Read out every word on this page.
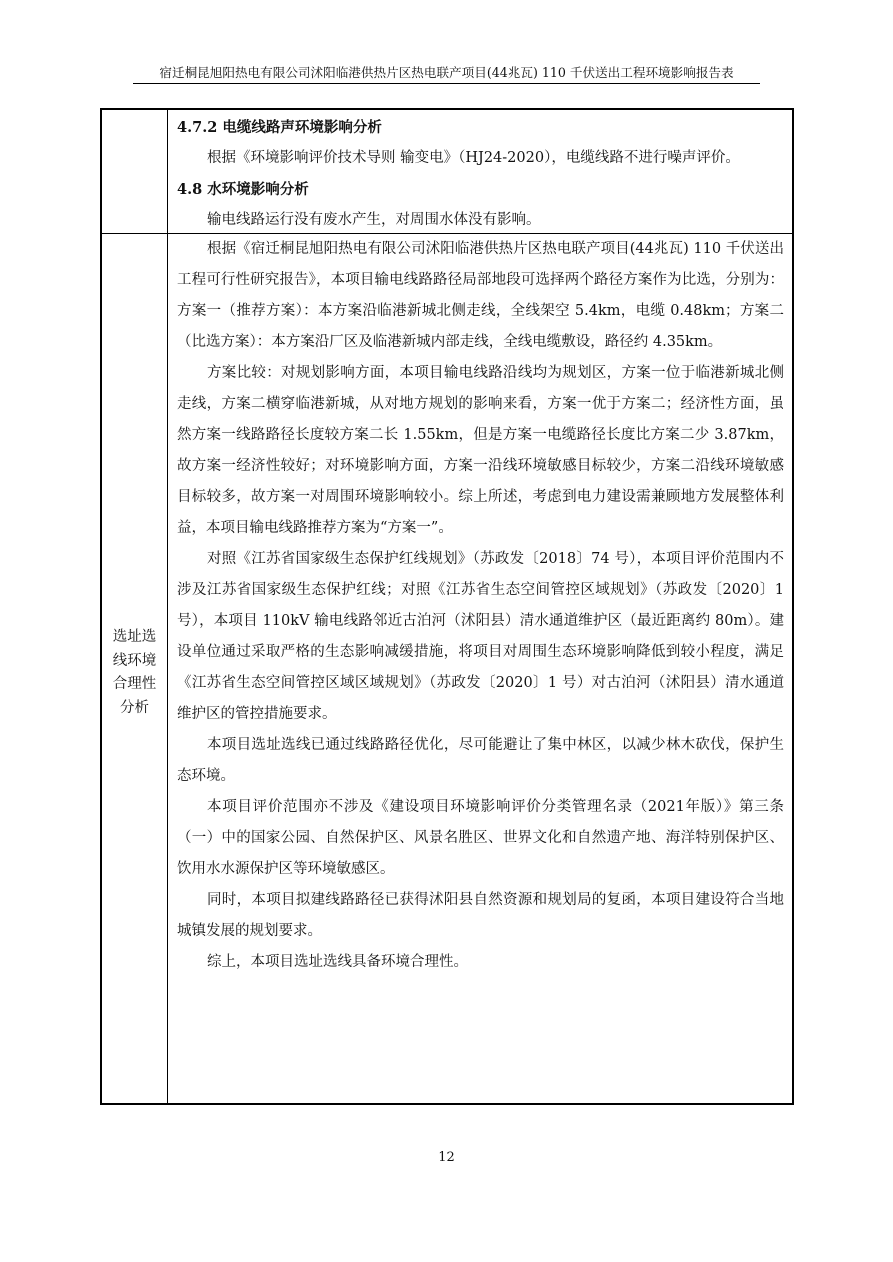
宿迁桐昆旭阳热电有限公司沭阳临港供热片区热电联产项目(44兆瓦) 110 千伏送出工程环境影响报告表
4.7.2 电缆线路声环境影响分析
根据《环境影响评价技术导则 输变电》（HJ24-2020），电缆线路不进行噪声评价。
4.8 水环境影响分析
输电线路运行没有废水产生，对周围水体没有影响。
选址选
线环境
合理性
分析

根据《宿迁桐昆旭阳热电有限公司沭阳临港供热片区热电联产项目(44兆瓦) 110 千伏送出工程可行性研究报告》，本项目输电线路路径局部地段可选择两个路径方案作为比选，分别为：方案一（推荐方案）：本方案沿临港新城北侧走线，全线架空 5.4km，电缆 0.48km；方案二（比选方案）：本方案沿厂区及临港新城内部走线，全线电缆敷设，路径约 4.35km。

方案比较：对规划影响方面，本项目输电线路沿线均为规划区，方案一位于临港新城北侧走线，方案二横穿临港新城，从对地方规划的影响来看，方案一优于方案二；经济性方面，虽然方案一线路路径长度较方案二长 1.55km，但是方案一电缆路径长度比方案二少 3.87km，故方案一经济性较好；对环境影响方面，方案一沿线环境敏感目标较少，方案二沿线环境敏感目标较多，故方案一对周围环境影响较小。综上所述，考虑到电力建设需兼顾地方发展整体利益，本项目输电线路推荐方案为“方案一”。

对照《江苏省国家级生态保护红线规划》（苏政发〔2018〕74 号），本项目评价范围内不涉及江苏省国家级生态保护红线；对照《江苏省生态空间管控区域规划》（苏政发〔2020〕1 号），本项目 110kV 输电线路邻近古泊河（沭阳县）清水通道维护区（最近距离约 80m）。建设单位通过采取严格的生态影响减缓措施，将项目对周围生态环境影响降低到较小程度，满足《江苏省生态空间管控区域区域规划》（苏政发〔2020〕1 号）对古泊河（沭阳县）清水通道维护区的管控措施要求。

本项目选址选线已通过线路路径优化，尽可能避让了集中林区，以减少林木砍伐，保护生态环境。

本项目评价范围亦不涉及《建设项目环境影响评价分类管理名录（2021年版）》第三条（一）中的国家公园、自然保护区、风景名胜区、世界文化和自然遗产地、海洋特别保护区、饮用水水源保护区等环境敏感区。

同时，本项目拟建线路路径已获得沭阳县自然资源和规划局的复函，本项目建设符合当地城镇发展的规划要求。

综上，本项目选址选线具备环境合理性。

12
